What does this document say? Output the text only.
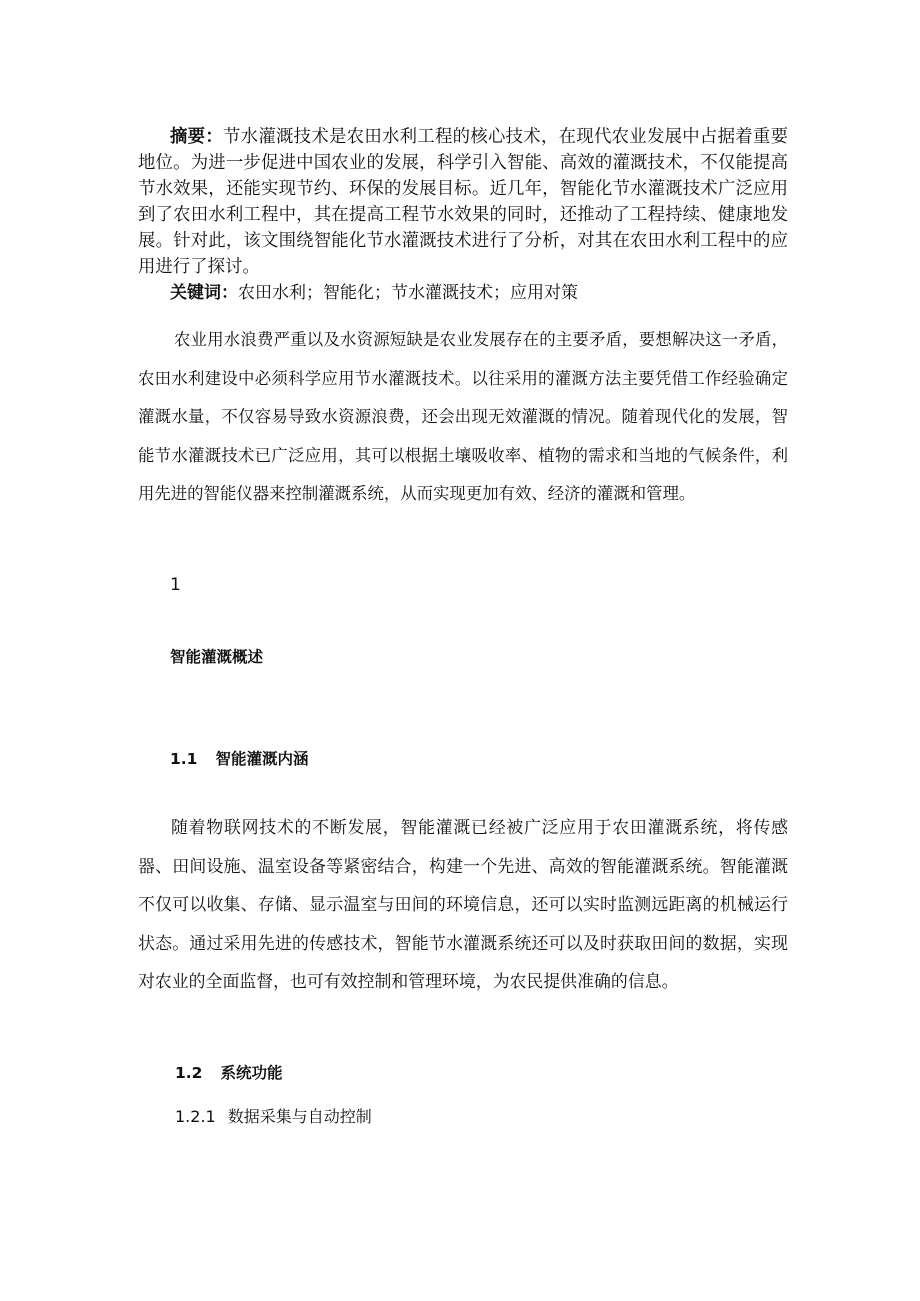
摘要：节水灌溉技术是农田水利工程的核心技术，在现代农业发展中占据着重要地位。为进一步促进中国农业的发展，科学引入智能、高效的灌溉技术，不仅能提高节水效果，还能实现节约、环保的发展目标。近几年，智能化节水灌溉技术广泛应用到了农田水利工程中，其在提高工程节水效果的同时，还推动了工程持续、健康地发展。针对此，该文围绕智能化节水灌溉技术进行了分析，对其在农田水利工程中的应用进行了探讨。

关键词：农田水利；智能化；节水灌溉技术；应用对策

农业用水浪费严重以及水资源短缺是农业发展存在的主要矛盾，要想解决这一矛盾，农田水利建设中必须科学应用节水灌溉技术。以往采用的灌溉方法主要凭借工作经验确定灌溉水量，不仅容易导致水资源浪费，还会出现无效灌溉的情况。随着现代化的发展，智能节水灌溉技术已广泛应用，其可以根据土壤吸收率、植物的需求和当地的气候条件，利用先进的智能仪器来控制灌溉系统，从而实现更加有效、经济的灌溉和管理。

1

智能灌溉概述

1.1 智能灌溉内涵

随着物联网技术的不断发展，智能灌溉已经被广泛应用于农田灌溉系统，将传感器、田间设施、温室设备等紧密结合，构建一个先进、高效的智能灌溉系统。智能灌溉不仅可以收集、存储、显示温室与田间的环境信息，还可以实时监测远距离的机械运行状态。通过采用先进的传感技术，智能节水灌溉系统还可以及时获取田间的数据，实现对农业的全面监督，也可有效控制和管理环境，为农民提供准确的信息。

1.2 系统功能

1.2.1 数据采集与自动控制
